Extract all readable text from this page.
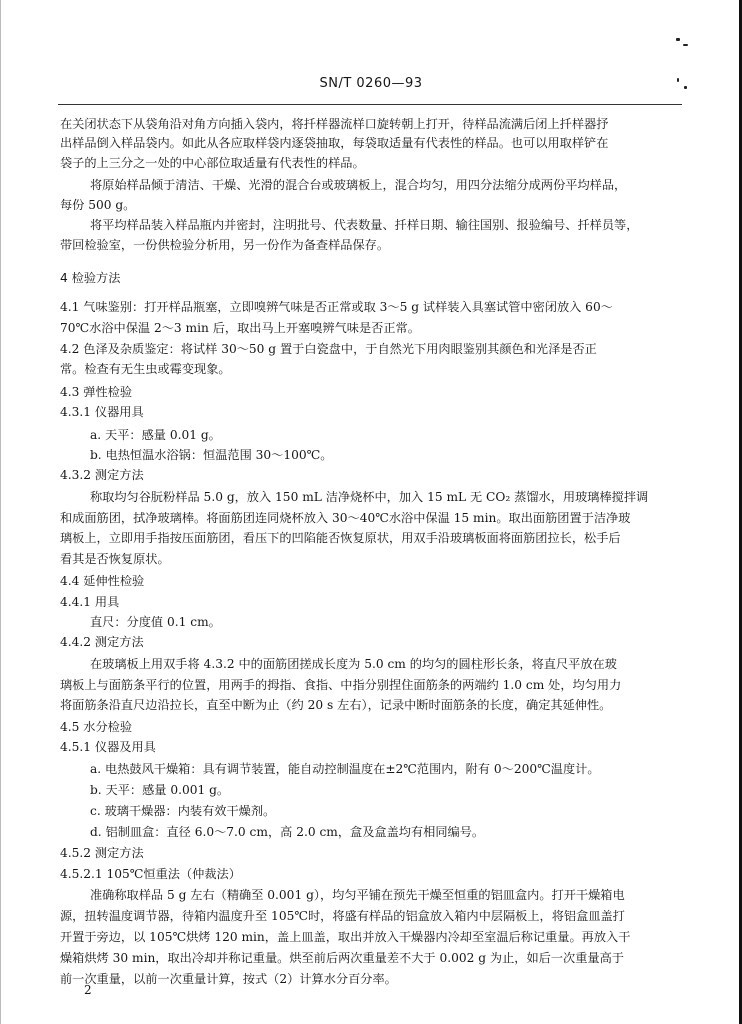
SN/T 0260—93
在关闭状态下从袋角沿对角方向插入袋内，将扦样器流样口旋转朝上打开，待样品流满后闭上扦样器抒
出样品倒入样品袋内。如此从各应取样袋内逐袋抽取，每袋取适量有代表性的样品。也可以用取样铲在
袋子的上三分之一处的中心部位取适量有代表性的样品。
将原始样品倾于清洁、干燥、光滑的混合台或玻璃板上，混合均匀，用四分法缩分成两份平均样品，
每份 500 g。
将平均样品装入样品瓶内并密封，注明批号、代表数量、扦样日期、输往国别、报验编号、扦样员等，
带回检验室，一份供检验分析用，另一份作为备查样品保存。
4 检验方法
4.1 气味鉴别：打开样品瓶塞，立即嗅辨气味是否正常或取 3～5 g 试样装入具塞试管中密闭放入 60～
70℃水浴中保温 2～3 min 后，取出马上开塞嗅辨气味是否正常。
4.2 色泽及杂质鉴定：将试样 30～50 g 置于白瓷盘中，于自然光下用肉眼鉴别其颜色和光泽是否正
常。检查有无生虫或霉变现象。
4.3 弹性检验
4.3.1 仪器用具
a. 天平：感量 0.01 g。
b. 电热恒温水浴锅：恒温范围 30～100℃。
4.3.2 测定方法
称取均匀谷朊粉样品 5.0 g，放入 150 mL 洁净烧杯中，加入 15 mL 无 CO₂ 蒸馏水，用玻璃棒搅拌调
和成面筋团，拭净玻璃棒。将面筋团连同烧杯放入 30～40℃水浴中保温 15 min。取出面筋团置于洁净玻
璃板上，立即用手指按压面筋团，看压下的凹陷能否恢复原状，用双手沿玻璃板面将面筋团拉长，松手后
看其是否恢复原状。
4.4 延伸性检验
4.4.1 用具
直尺：分度值 0.1 cm。
4.4.2 测定方法
在玻璃板上用双手将 4.3.2 中的面筋团搓成长度为 5.0 cm 的均匀的圆柱形长条，将直尺平放在玻
璃板上与面筋条平行的位置，用两手的拇指、食指、中指分别捏住面筋条的两端约 1.0 cm 处，均匀用力
将面筋条沿直尺边沿拉长，直至中断为止（约 20 s 左右），记录中断时面筋条的长度，确定其延伸性。
4.5 水分检验
4.5.1 仪器及用具
a. 电热鼓风干燥箱：具有调节装置，能自动控制温度在±2℃范围内，附有 0～200℃温度计。
b. 天平：感量 0.001 g。
c. 玻璃干燥器：内装有效干燥剂。
d. 铝制皿盒：直径 6.0～7.0 cm，高 2.0 cm，盒及盒盖均有相同编号。
4.5.2 测定方法
4.5.2.1 105℃恒重法（仲裁法）
准确称取样品 5 g 左右（精确至 0.001 g），均匀平铺在预先干燥至恒重的铝皿盒内。打开干燥箱电
源，扭转温度调节器，待箱内温度升至 105℃时，将盛有样品的铝盒放入箱内中层隔板上，将铝盒皿盖打
开置于旁边，以 105℃烘烤 120 min，盖上皿盖，取出并放入干燥器内冷却至室温后称记重量。再放入干
燥箱烘烤 30 min，取出冷却并称记重量。烘至前后两次重量差不大于 0.002 g 为止，如后一次重量高于
前一次重量，以前一次重量计算，按式（2）计算水分百分率。
2
